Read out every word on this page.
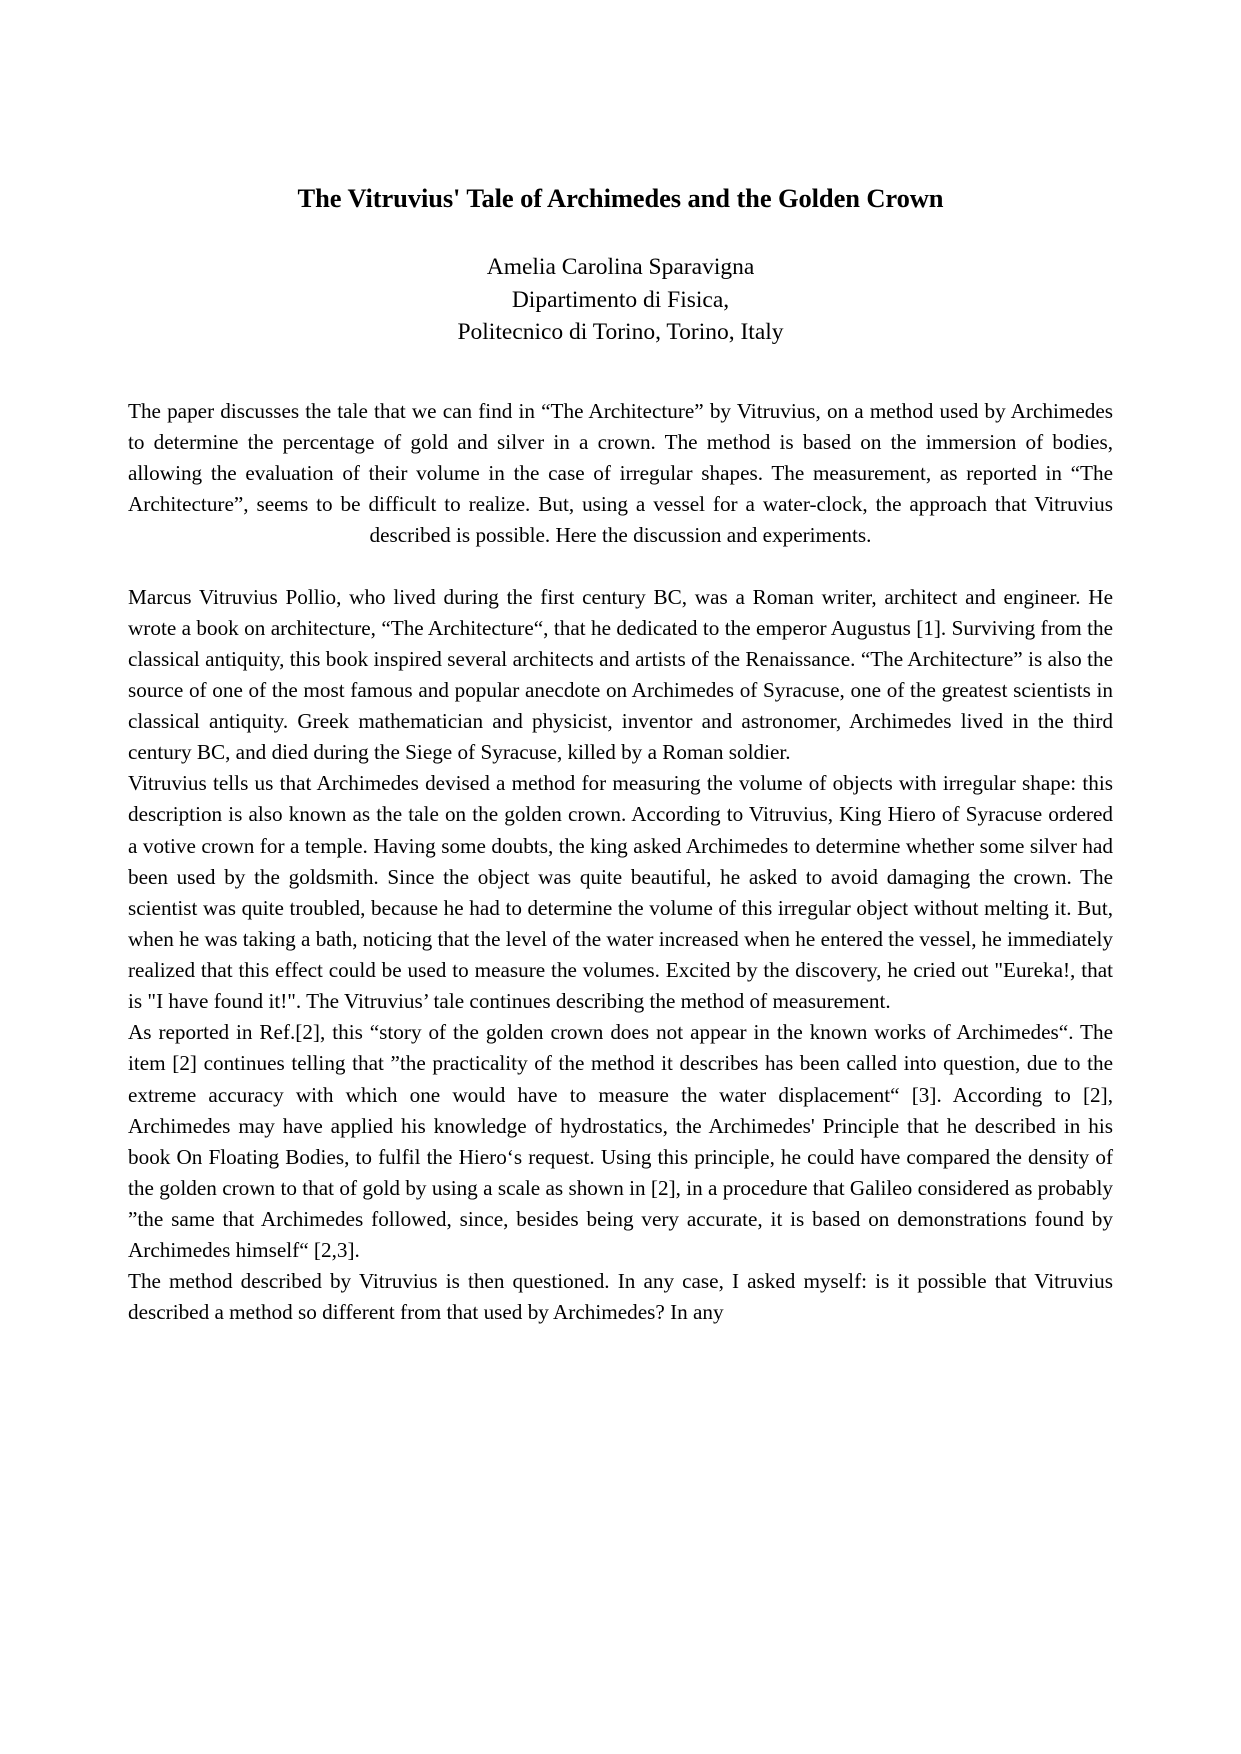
The Vitruvius' Tale of Archimedes and the Golden Crown
Amelia Carolina Sparavigna
Dipartimento di Fisica,
Politecnico di Torino, Torino, Italy
The paper discusses the tale that we can find in “The Architecture” by Vitruvius, on a method used by Archimedes to determine the percentage of gold and silver in a crown. The method is based on the immersion of bodies, allowing the evaluation of their volume in the case of irregular shapes. The measurement, as reported in “The Architecture”, seems to be difficult to realize. But, using a vessel for a water-clock, the approach that Vitruvius described is possible. Here the discussion and experiments.

Marcus Vitruvius Pollio, who lived during the first century BC, was a Roman writer, architect and engineer. He wrote a book on architecture, “The Architecture“, that he dedicated to the emperor Augustus [1]. Surviving from the classical antiquity, this book inspired several architects and artists of the Renaissance. “The Architecture” is also the source of one of the most famous and popular anecdote on Archimedes of Syracuse, one of the greatest scientists in classical antiquity. Greek mathematician and physicist, inventor and astronomer, Archimedes lived in the third century BC, and died during the Siege of Syracuse, killed by a Roman soldier.

Vitruvius tells us that Archimedes devised a method for measuring the volume of objects with irregular shape: this description is also known as the tale on the golden crown. According to Vitruvius, King Hiero of Syracuse ordered a votive crown for a temple. Having some doubts, the king asked Archimedes to determine whether some silver had been used by the goldsmith. Since the object was quite beautiful, he asked to avoid damaging the crown. The scientist was quite troubled, because he had to determine the volume of this irregular object without melting it. But, when he was taking a bath, noticing that the level of the water increased when he entered the vessel, he immediately realized that this effect could be used to measure the volumes. Excited by the discovery, he cried out "Eureka!, that is "I have found it!". The Vitruvius’ tale continues describing the method of measurement.

As reported in Ref.[2], this “story of the golden crown does not appear in the known works of Archimedes“. The item [2] continues telling that ”the practicality of the method it describes has been called into question, due to the extreme accuracy with which one would have to measure the water displacement“ [3]. According to [2], Archimedes may have applied his knowledge of hydrostatics, the Archimedes' Principle that he described in his book On Floating Bodies, to fulfil the Hiero‘s request. Using this principle, he could have compared the density of the golden crown to that of gold by using a scale as shown in [2], in a procedure that Galileo considered as probably ”the same that Archimedes followed, since, besides being very accurate, it is based on demonstrations found by Archimedes himself“ [2,3].

The method described by Vitruvius is then questioned. In any case, I asked myself: is it possible that Vitruvius described a method so different from that used by Archimedes? In any
